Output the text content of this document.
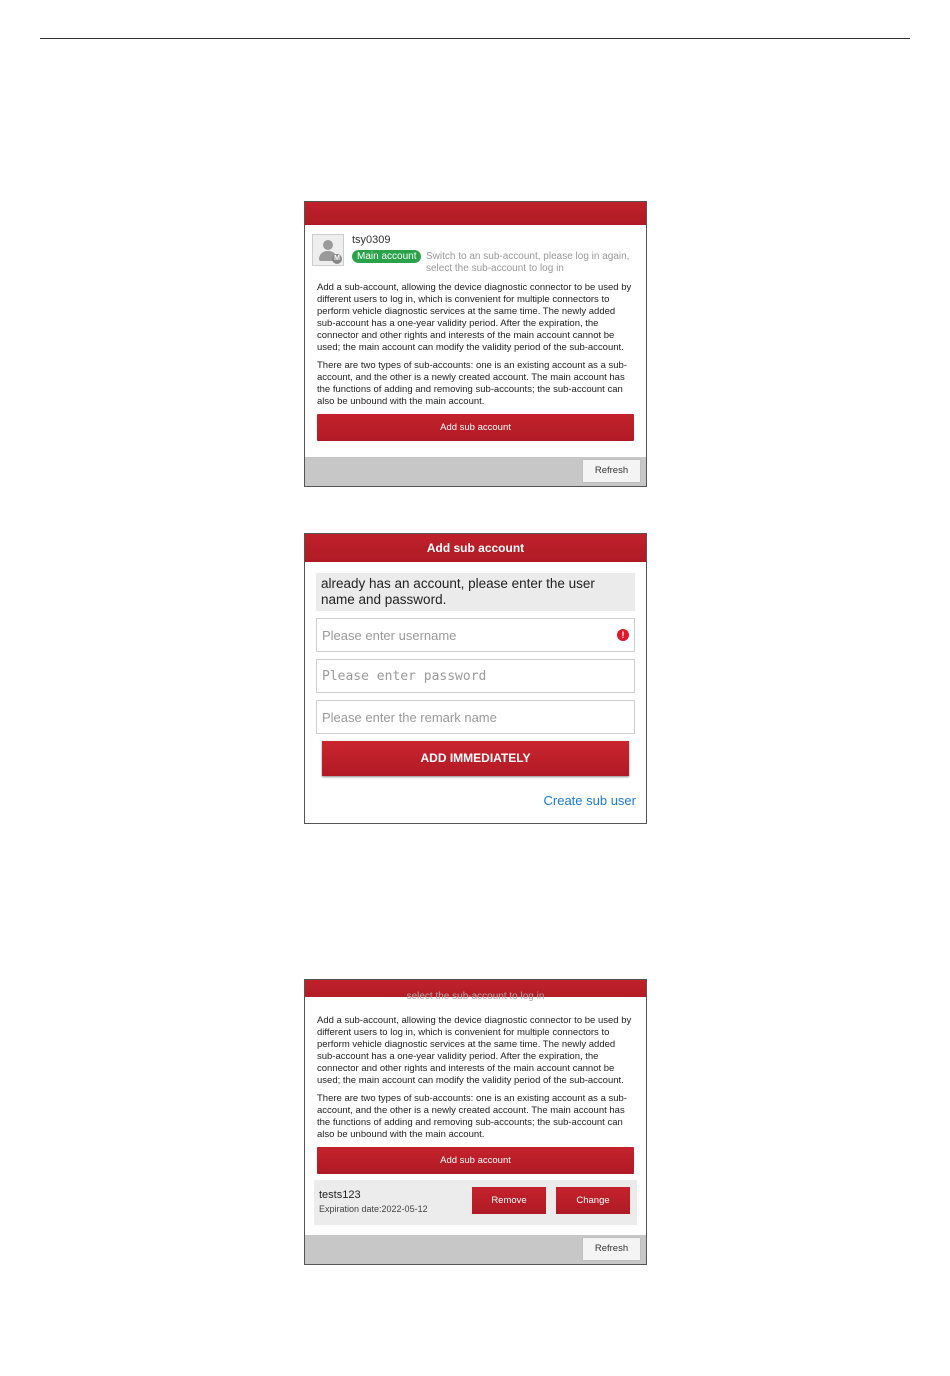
M
tsy0309
Main account Switch to an sub-account, please log in again, select the sub-account to log in

Add a sub-account, allowing the device diagnostic connector to be used by different users to log in, which is convenient for multiple connectors to perform vehicle diagnostic services at the same time. The newly added sub-account has a one-year validity period. After the expiration, the connector and other rights and interests of the main account cannot be used; the main account can modify the validity period of the sub-account.

There are two types of sub-accounts: one is an existing account as a sub-account, and the other is a newly created account. The main account has the functions of adding and removing sub-accounts; the sub-account can also be unbound with the main account.

Add sub account
Refresh
Add sub account
already has an account, please enter the user name and password.
Please enter username
!
Please enter password
Please enter the remark name
ADD IMMEDIATELY
Create sub user
select the sub-account to log in

Add a sub-account, allowing the device diagnostic connector to be used by different users to log in, which is convenient for multiple connectors to perform vehicle diagnostic services at the same time. The newly added sub-account has a one-year validity period. After the expiration, the connector and other rights and interests of the main account cannot be used; the main account can modify the validity period of the sub-account.

There are two types of sub-accounts: one is an existing account as a sub-account, and the other is a newly created account. The main account has the functions of adding and removing sub-accounts; the sub-account can also be unbound with the main account.

Add sub account
tests123
Expiration date:2022-05-12
Remove	Change
Refresh
